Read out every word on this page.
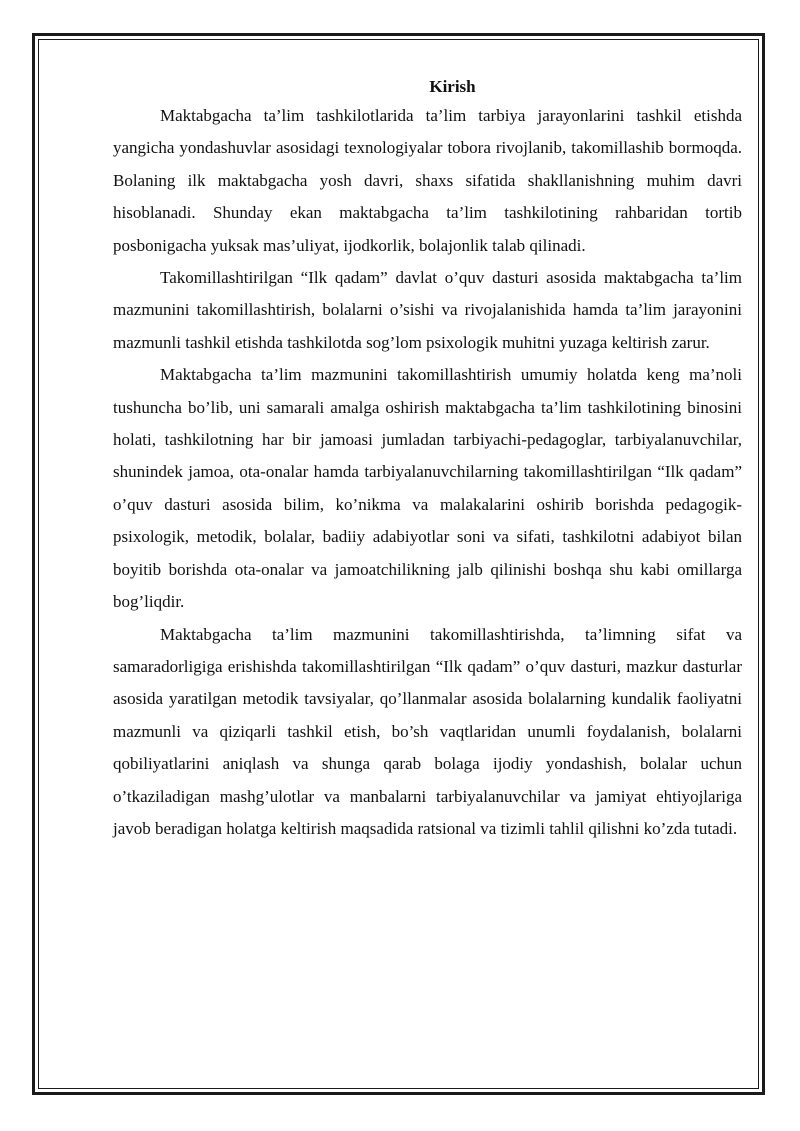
Kirish

Maktabgacha ta’lim tashkilotlarida ta’lim tarbiya jarayonlarini tashkil etishda yangicha yondashuvlar asosidagi texnologiyalar tobora rivojlanib, takomillashib bormoqda. Bolaning ilk maktabgacha yosh davri, shaxs sifatida shakllanishning muhim davri hisoblanadi. Shunday ekan maktabgacha ta’lim tashkilotining rahbaridan tortib posbonigacha yuksak mas’uliyat, ijodkorlik, bolajonlik talab qilinadi.

Takomillashtirilgan “Ilk qadam” davlat o’quv dasturi asosida maktabgacha ta’lim mazmunini takomillashtirish, bolalarni o’sishi va rivojalanishida hamda ta’lim jarayonini mazmunli tashkil etishda tashkilotda sog’lom psixologik muhitni yuzaga keltirish zarur.

Maktabgacha ta’lim mazmunini takomillashtirish umumiy holatda keng ma’noli tushuncha bo’lib, uni samarali amalga oshirish maktabgacha ta’lim tashkilotining binosini holati, tashkilotning har bir jamoasi jumladan tarbiyachi-pedagoglar, tarbiyalanuvchilar, shunindek jamoa, ota-onalar hamda tarbiyalanuvchilarning takomillashtirilgan “Ilk qadam” o’quv dasturi asosida bilim, ko’nikma va malakalarini oshirib borishda pedagogik-psixologik, metodik, bolalar, badiiy adabiyotlar soni va sifati, tashkilotni adabiyot bilan boyitib borishda ota-onalar va jamoatchilikning jalb qilinishi boshqa shu kabi omillarga bog’liqdir.

Maktabgacha ta’lim mazmunini takomillashtirishda, ta’limning sifat va samaradorligiga erishishda takomillashtirilgan “Ilk qadam” o’quv dasturi, mazkur dasturlar asosida yaratilgan metodik tavsiyalar, qo’llanmalar asosida bolalarning kundalik faoliyatni mazmunli va qiziqarli tashkil etish, bo’sh vaqtlaridan unumli foydalanish, bolalarni qobiliyatlarini aniqlash va shunga qarab bolaga ijodiy yondashish, bolalar uchun o’tkaziladigan mashg’ulotlar va manbalarni tarbiyalanuvchilar va jamiyat ehtiyojlariga javob beradigan holatga keltirish maqsadida ratsional va tizimli tahlil qilishni ko’zda tutadi.
